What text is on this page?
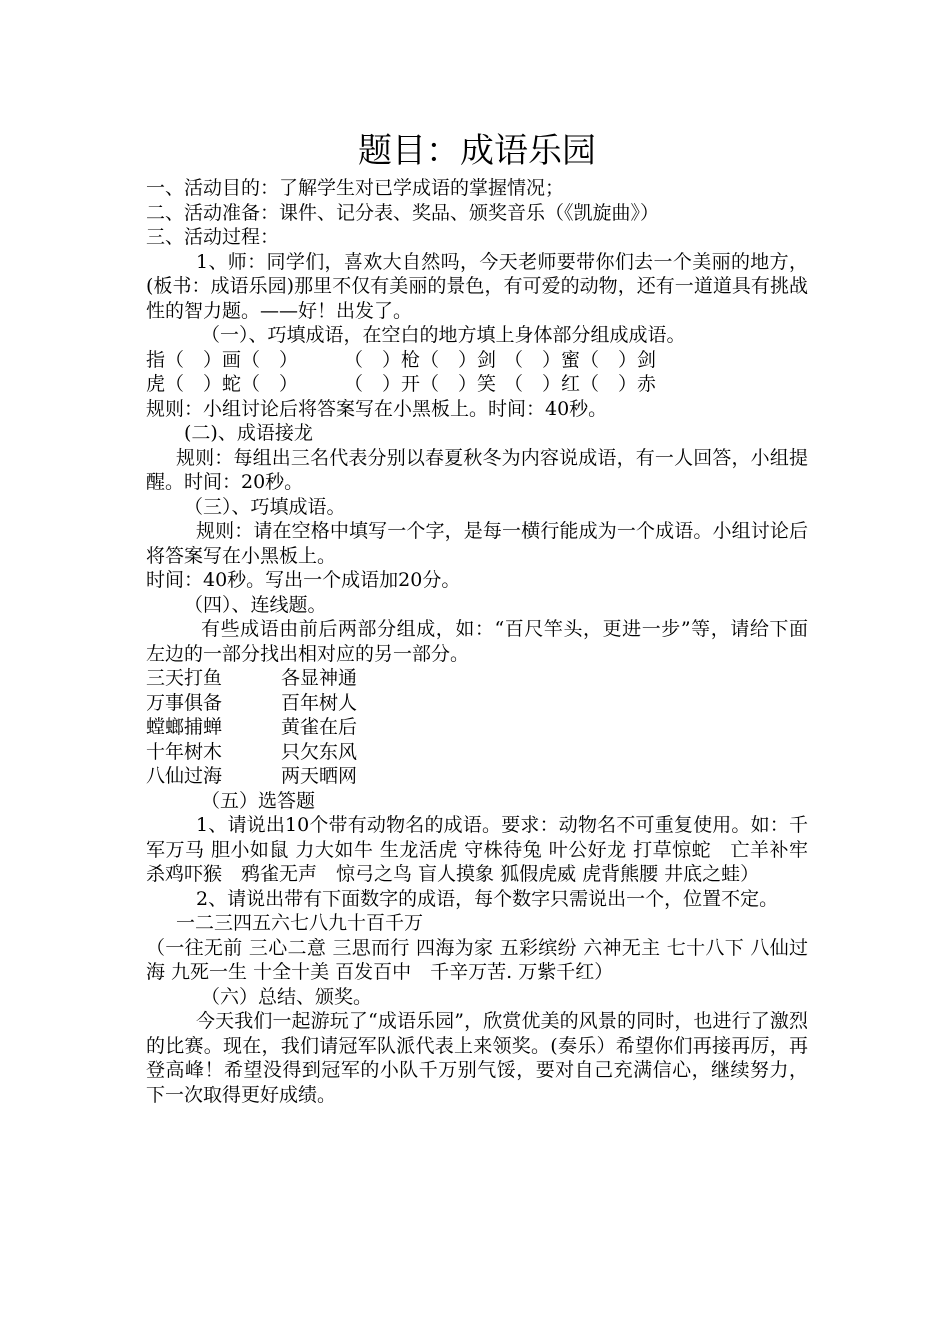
题目：成语乐园

一、活动目的：了解学生对已学成语的掌握情况；

二、活动准备：课件、记分表、奖品、颁奖音乐（《凯旋曲》）

三、活动过程：

1、师：同学们，喜欢大自然吗，今天老师要带你们去一个美丽的地方，(板书：成语乐园)那里不仅有美丽的景色，有可爱的动物，还有一道道具有挑战性的智力题。——好！出发了。

（一）、巧填成语，在空白的地方填上身体部分组成成语。

指（　）画（　） （　）枪（　）剑 （　）蜜（　）剑
虎（　）蛇（　） （　）开（　）笑 （　）红（　）赤

规则：小组讨论后将答案写在小黑板上。时间：40秒。

(二)、成语接龙

规则：每组出三名代表分别以春夏秋冬为内容说成语，有一人回答，小组提醒。时间：20秒。

（三）、巧填成语。

规则：请在空格中填写一个字，是每一横行能成为一个成语。小组讨论后将答案写在小黑板上。

时间：40秒。写出一个成语加20分。

（四）、连线题。

有些成语由前后两部分组成，如：“百尺竿头，更进一步”等，请给下面左边的一部分找出相对应的另一部分。

三天打鱼	各显神通
万事俱备	百年树人
螳螂捕蝉	黄雀在后
十年树木	只欠东风
八仙过海	两天晒网

（五）选答题

1、请说出10个带有动物名的成语。要求：动物名不可重复使用。如：千军万马 胆小如鼠 力大如牛 生龙活虎 守株待兔 叶公好龙 打草惊蛇　亡羊补牢　杀鸡吓猴　鸦雀无声　惊弓之鸟 盲人摸象 狐假虎威 虎背熊腰 井底之蛙）

2、请说出带有下面数字的成语，每个数字只需说出一个，位置不定。

一二三四五六七八九十百千万

（一往无前 三心二意 三思而行 四海为家 五彩缤纷 六神无主 七十八下 八仙过海 九死一生 十全十美 百发百中　千辛万苦. 万紫千红）

（六）总结、颁奖。

今天我们一起游玩了“成语乐园”，欣赏优美的风景的同时，也进行了激烈的比赛。现在，我们请冠军队派代表上来领奖。(奏乐）希望你们再接再厉，再登高峰！希望没得到冠军的小队千万别气馁，要对自己充满信心，继续努力，下一次取得更好成绩。
